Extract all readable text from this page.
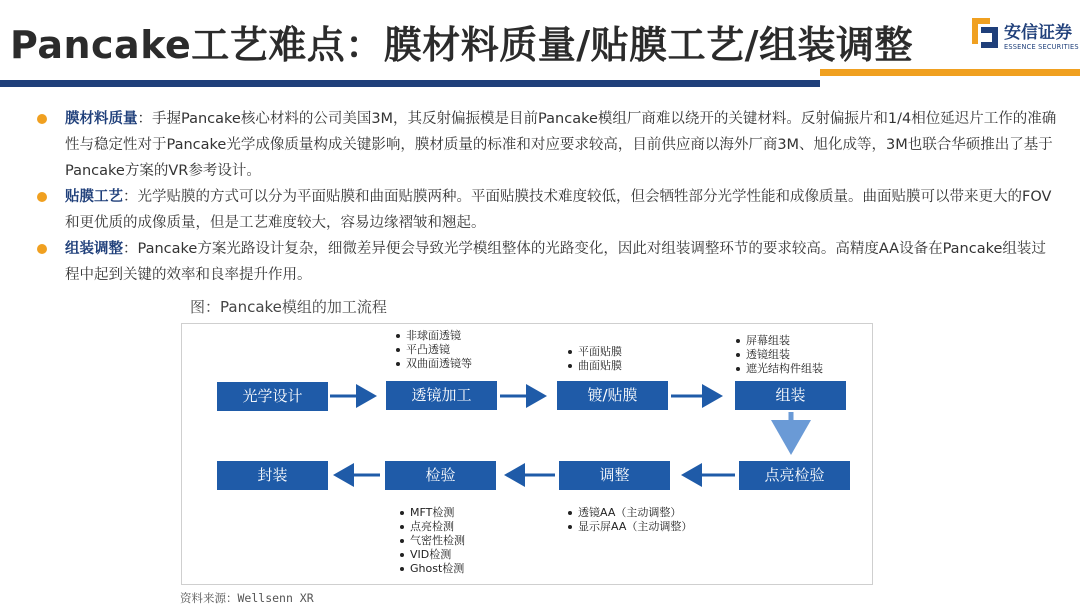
Pancake工艺难点：膜材料质量/贴膜工艺/组装调整	安信证券
ESSENCE SECURITIES
膜材料质量：手握Pancake核心材料的公司美国3M，其反射偏振模是目前Pancake模组厂商难以绕开的关键材料。反射偏振片和1/4相位延迟片工作的准确性与稳定性对于Pancake光学成像质量构成关键影响，膜材质量的标准和对应要求较高，目前供应商以海外厂商3M、旭化成等，3M也联合华硕推出了基于Pancake方案的VR参考设计。
贴膜工艺：光学贴膜的方式可以分为平面贴膜和曲面贴膜两种。平面贴膜技术难度较低，但会牺牲部分光学性能和成像质量。曲面贴膜可以带来更大的FOV和更优质的成像质量，但是工艺难度较大，容易边缘褶皱和翘起。
组装调整：Pancake方案光路设计复杂，细微差异便会导致光学模组整体的光路变化，因此对组装调整环节的要求较高。高精度AA设备在Pancake组装过程中起到关键的效率和良率提升作用。
图：Pancake模组的加工流程
光学设计	透镜加工	镀/贴膜	组装
封装	检验	调整	点亮检验
非球面透镜
平凸透镜
双曲面透镜等
平面贴膜
曲面贴膜
屏幕组装
透镜组装
遮光结构件组装
透镜AA（主动调整）
显示屏AA（主动调整）
MFT检测
点亮检测
气密性检测
VID检测
Ghost检测
资料来源：Wellsenn XR
